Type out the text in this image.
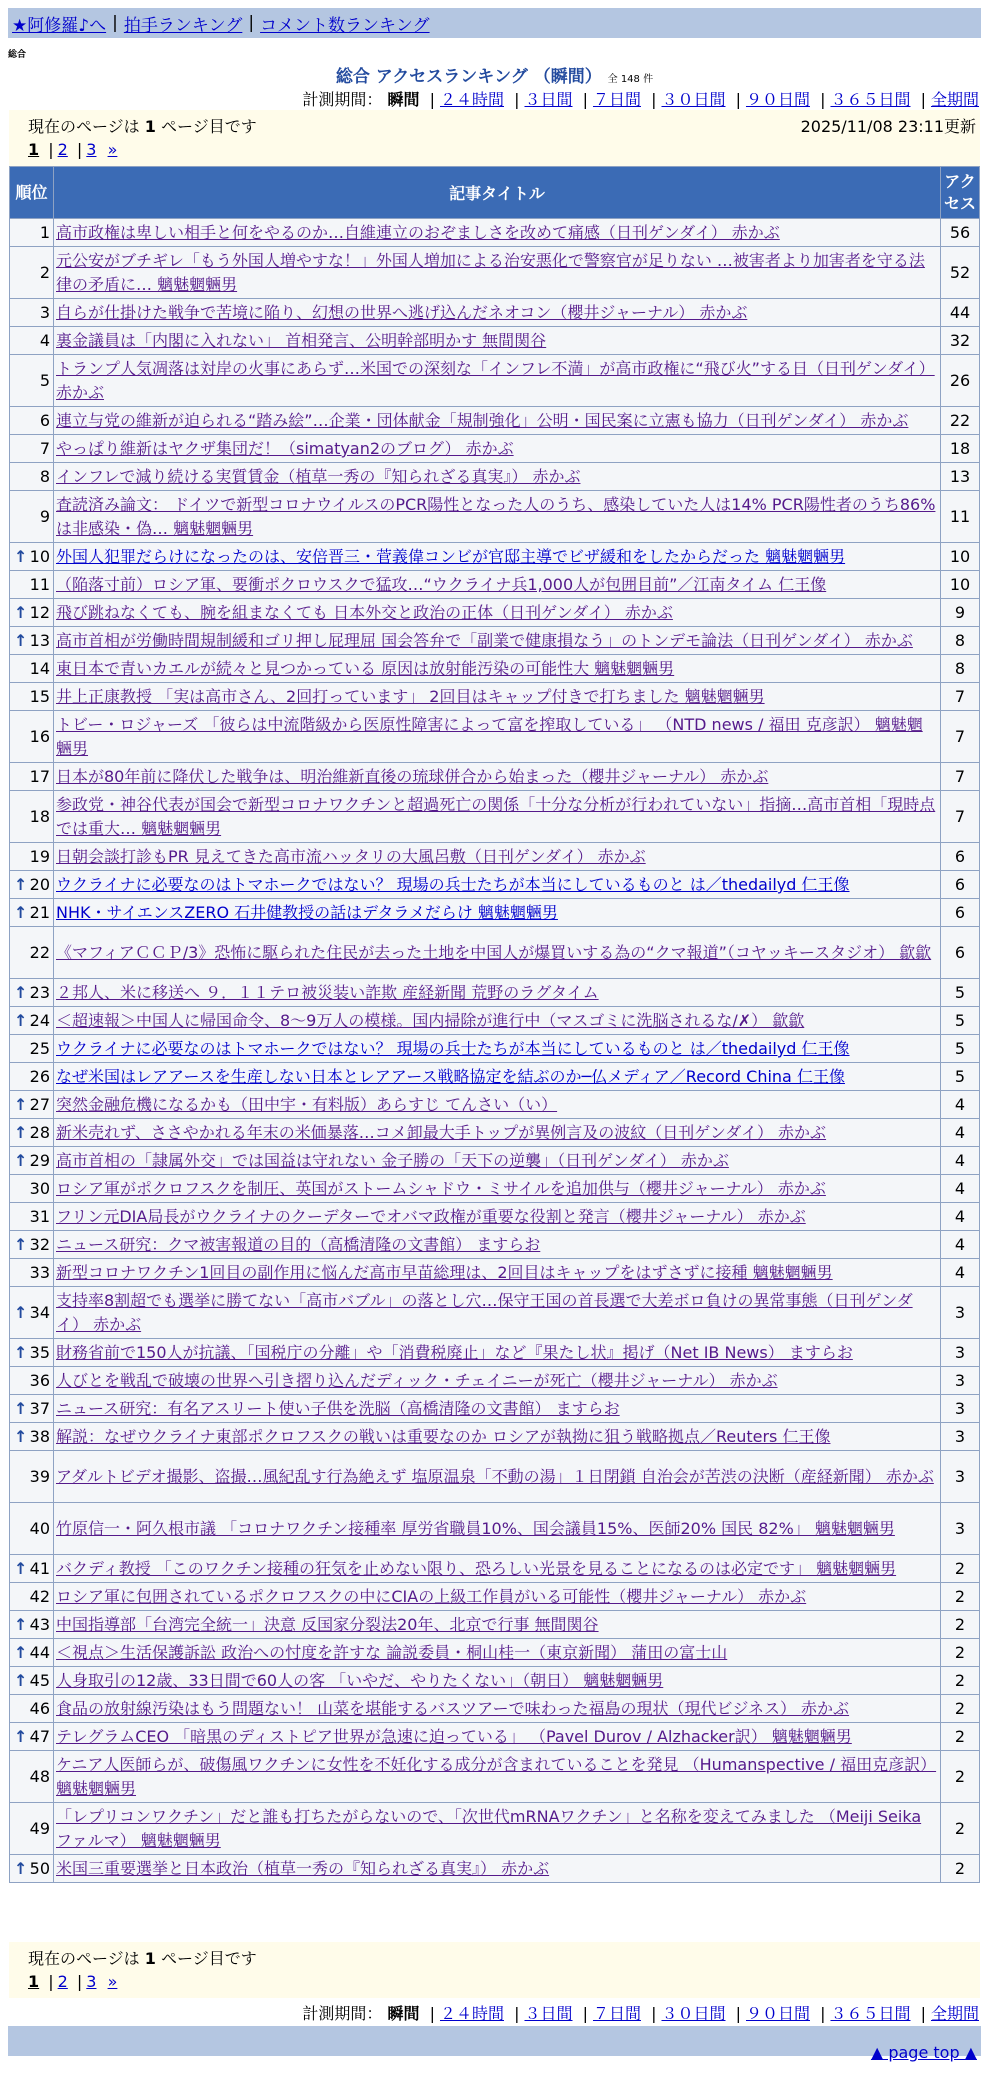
★阿修羅♪へ | 拍手ランキング | コメント数ランキング
総合
総合 アクセスランキング （瞬間） 全 148 件
計測期間： 瞬間 | ２４時間 | ３日間 | ７日間 | ３０日間 | ９０日間 | ３６５日間 | 全期間
現在のページは 1 ページ目です	2025/11/08 23:11更新
1 | 2 | 3 »
順位	記事タイトル	アクセス
1	高市政権は卑しい相手と何をやるのか…自維連立のおぞましさを改めて痛感（日刊ゲンダイ） 赤かぶ	56
2	元公安がブチギレ「もう外国人増やすな！」外国人増加による治安悪化で警察官が足りない …被害者より加害者を守る法律の矛盾に… 魑魅魍魎男	52
3	自らが仕掛けた戦争で苦境に陥り、幻想の世界へ逃げ込んだネオコン（櫻井ジャーナル） 赤かぶ	44
4	裏金議員は「内閣に入れない」 首相発言、公明幹部明かす 無間関谷	32
5	トランプ人気凋落は対岸の火事にあらず…米国での深刻な「インフレ不満」が高市政権に“飛び火”する日（日刊ゲンダイ） 赤かぶ	26
6	連立与党の維新が迫られる“踏み絵”…企業・団体献金「規制強化」公明・国民案に立憲も協力（日刊ゲンダイ） 赤かぶ	22
7	やっぱり維新はヤクザ集団だ！（simatyan2のブログ） 赤かぶ	18
8	インフレで減り続ける実質賃金（植草一秀の『知られざる真実』） 赤かぶ	13
9	査読済み論文： ドイツで新型コロナウイルスのPCR陽性となった人のうち、感染していた人は14% PCR陽性者のうち86%は非感染・偽… 魑魅魍魎男	11

↑ 10	外国人犯罪だらけになったのは、安倍晋三・菅義偉コンビが官邸主導でビザ緩和をしたからだった 魑魅魍魎男	10
11	（陥落寸前）ロシア軍、要衝ポクロウスクで猛攻…“ウクライナ兵1,000人が包囲目前”／江南タイム 仁王像	10

↑ 12	飛び跳ねなくても、腕を組まなくても 日本外交と政治の正体（日刊ゲンダイ） 赤かぶ	9

↑ 13	高市首相が労働時間規制緩和ゴリ押し屁理屈 国会答弁で「副業で健康損なう」のトンデモ論法（日刊ゲンダイ） 赤かぶ	8
14	東日本で青いカエルが続々と見つかっている 原因は放射能汚染の可能性大 魑魅魍魎男	8
15	井上正康教授 「実は高市さん、2回打っています」 2回目はキャップ付きで打ちました 魑魅魍魎男	7
16	トビー・ロジャーズ 「彼らは中流階級から医原性障害によって富を搾取している」 （NTD news / 福田 克彦訳） 魑魅魍魎男	7
17	日本が80年前に降伏した戦争は、明治維新直後の琉球併合から始まった（櫻井ジャーナル） 赤かぶ	7
18	参政党・神谷代表が国会で新型コロナワクチンと超過死亡の関係「十分な分析が行われていない」指摘…高市首相「現時点では重大… 魑魅魍魎男	7
19	日朝会談打診もPR 見えてきた高市流ハッタリの大風呂敷（日刊ゲンダイ） 赤かぶ	6

↑ 20	ウクライナに必要なのはトマホークではない？ 現場の兵士たちが本当にしているものと は／thedailyd 仁王像	6

↑ 21	NHK・サイエンスZERO 石井健教授の話はデタラメだらけ 魑魅魍魎男	6
22	《マフィアＣＣＰ/3》恐怖に駆られた住民が去った土地を中国人が爆買いする為の“クマ報道”（コヤッキースタジオ） 歙歙	6

↑ 23	２邦人、米に移送へ ９．１１テロ被災装い詐欺 産経新聞 荒野のラグタイム	5

↑ 24	＜超速報＞中国人に帰国命令、8～9万人の模様。国内掃除が進行中（マスゴミに洗脳されるな/✗） 歙歙	5
25	ウクライナに必要なのはトマホークではない？ 現場の兵士たちが本当にしているものと は／thedailyd 仁王像	5
26	なぜ米国はレアアースを生産しない日本とレアアース戦略協定を結ぶのか─仏メディア／Record China 仁王像	5

↑ 27	突然金融危機になるかも（田中宇・有料版）あらすじ てんさい（い）	4

↑ 28	新米売れず、ささやかれる年末の米価暴落…コメ卸最大手トップが異例言及の波紋（日刊ゲンダイ） 赤かぶ	4

↑ 29	高市首相の「隷属外交」では国益は守れない 金子勝の「天下の逆襲」（日刊ゲンダイ） 赤かぶ	4
30	ロシア軍がポクロフスクを制圧、英国がストームシャドウ・ミサイルを追加供与（櫻井ジャーナル） 赤かぶ	4
31	フリン元DIA局長がウクライナのクーデターでオバマ政権が重要な役割と発言（櫻井ジャーナル） 赤かぶ	4

↑ 32	ニュース研究：クマ被害報道の目的（高橋清隆の文書館） ますらお	4
33	新型コロナワクチン1回目の副作用に悩んだ高市早苗総理は、2回目はキャップをはずさずに接種 魑魅魍魎男	4

↑ 34	支持率8割超でも選挙に勝てない「高市バブル」の落とし穴…保守王国の首長選で大差ボロ負けの異常事態（日刊ゲンダイ） 赤かぶ	3

↑ 35	財務省前で150人が抗議、「国税庁の分離」や「消費税廃止」など『果たし状』掲げ（Net IB News） ますらお	3
36	人びとを戦乱で破壊の世界へ引き摺り込んだディック・チェイニーが死亡（櫻井ジャーナル） 赤かぶ	3

↑ 37	ニュース研究：有名アスリート使い子供を洗脳（高橋清隆の文書館） ますらお	3

↑ 38	解説：なぜウクライナ東部ポクロフスクの戦いは重要なのか ロシアが執拗に狙う戦略拠点／Reuters 仁王像	3
39	アダルトビデオ撮影、盗撮…風紀乱す行為絶えず 塩原温泉「不動の湯」１日閉鎖 自治会が苦渋の決断（産経新聞） 赤かぶ	3
40	竹原信一・阿久根市議 「コロナワクチン接種率 厚労省職員10%、国会議員15%、医師20% 国民 82%」 魑魅魍魎男	3

↑ 41	バクディ教授 「このワクチン接種の狂気を止めない限り、恐ろしい光景を見ることになるのは必定です」 魑魅魍魎男	2
42	ロシア軍に包囲されているポクロフスクの中にCIAの上級工作員がいる可能性（櫻井ジャーナル） 赤かぶ	2

↑ 43	中国指導部「台湾完全統一」決意 反国家分裂法20年、北京で行事 無間関谷	2

↑ 44	＜視点＞生活保護訴訟 政治への忖度を許すな 論説委員・桐山桂一（東京新聞） 蒲田の富士山	2

↑ 45	人身取引の12歳、33日間で60人の客 「いやだ、やりたくない」（朝日） 魑魅魍魎男	2
46	食品の放射線汚染はもう問題ない！ 山菜を堪能するバスツアーで味わった福島の現状（現代ビジネス） 赤かぶ	2

↑ 47	テレグラムCEO 「暗黒のディストピア世界が急速に迫っている」 （Pavel Durov / Alzhacker訳） 魑魅魍魎男	2
48	ケニア人医師らが、破傷風ワクチンに女性を不妊化する成分が含まれていることを発見 （Humanspective / 福田克彦訳） 魑魅魍魎男	2
49	「レプリコンワクチン」だと誰も打ちたがらないので、「次世代mRNAワクチン」と名称を変えてみました （Meiji Seika ファルマ） 魑魅魍魎男	2

↑ 50	米国三重要選挙と日本政治（植草一秀の『知られざる真実』） 赤かぶ	2
現在のページは 1 ページ目です
1 | 2 | 3 »
計測期間： 瞬間 | ２４時間 | ３日間 | ７日間 | ３０日間 | ９０日間 | ３６５日間 | 全期間
▲ page top ▲
